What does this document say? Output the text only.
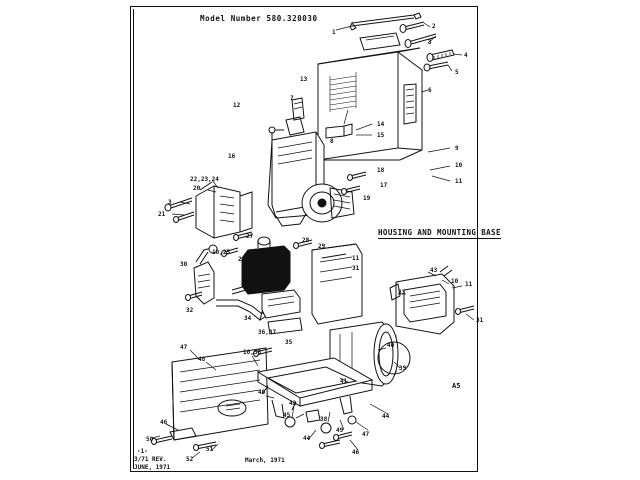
Model Number 580.320030
HOUSING AND MOUNTING BASE
A5
-1-
3/71 REV.
JUNE, 1971
March, 1971
1
2
3
4
5
6
13
12
7
14
15
8
9
16
18
10
17
11
19
22,23,24
20
3
21
27
28
29
10,25
26	11
30
31	43
10 11
32
33
34	31
36,37
35	40
47
10,38
48
39
41
40
42
44
45
38
46
49
47
44
50
46
51
52
